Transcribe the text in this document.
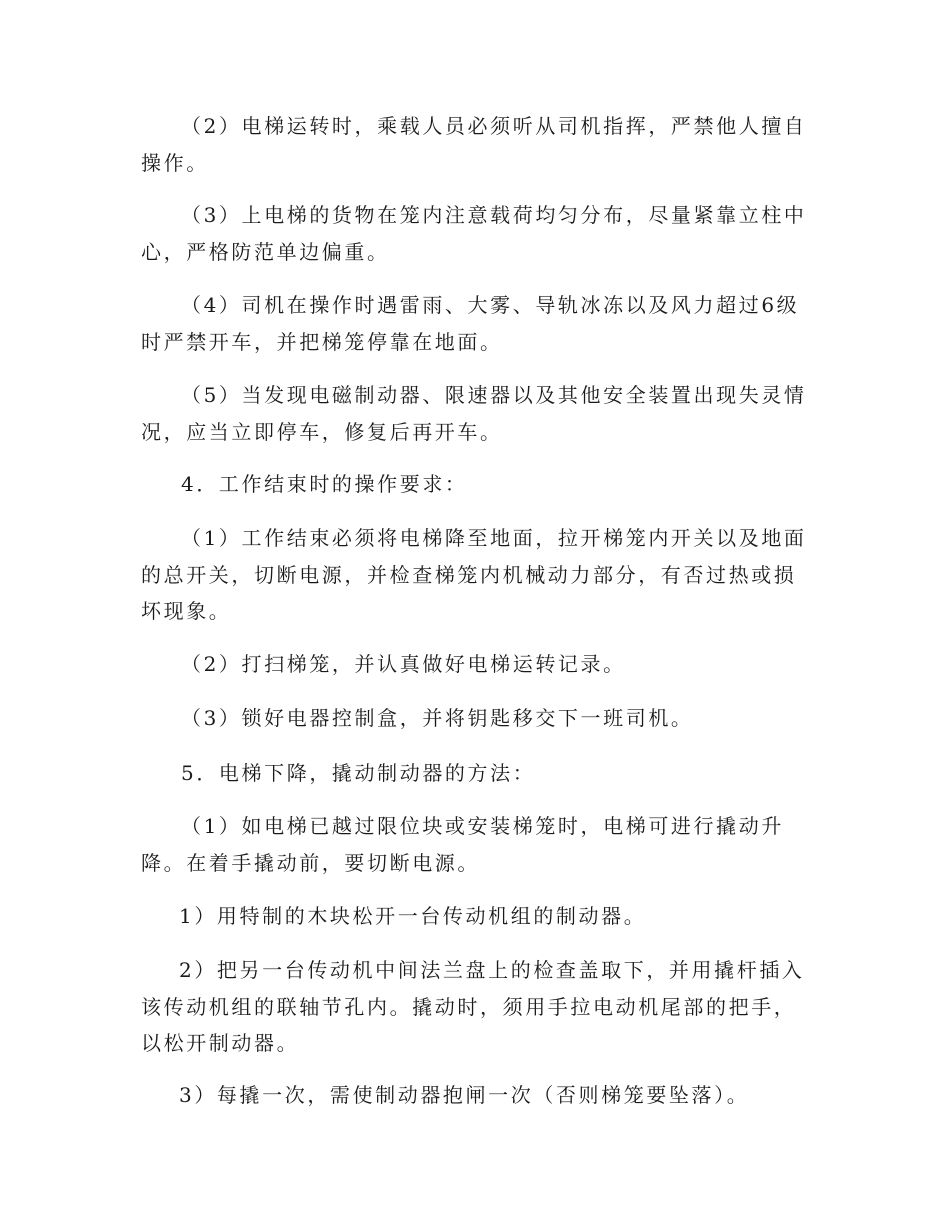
（2）电梯运转时，乘载人员必须听从司机指挥，严禁他人擅自操作。

（3）上电梯的货物在笼内注意载荷均匀分布，尽量紧靠立柱中心，严格防范单边偏重。

（4）司机在操作时遇雷雨、大雾、导轨冰冻以及风力超过6级时严禁开车，并把梯笼停靠在地面。

（5）当发现电磁制动器、限速器以及其他安全装置出现失灵情况，应当立即停车，修复后再开车。

4．工作结束时的操作要求：

（1）工作结束必须将电梯降至地面，拉开梯笼内开关以及地面的总开关，切断电源，并检查梯笼内机械动力部分，有否过热或损坏现象。

（2）打扫梯笼，并认真做好电梯运转记录。

（3）锁好电器控制盒，并将钥匙移交下一班司机。

5．电梯下降，撬动制动器的方法：

（1）如电梯已越过限位块或安装梯笼时，电梯可进行撬动升降。在着手撬动前，要切断电源。

1）用特制的木块松开一台传动机组的制动器。

2）把另一台传动机中间法兰盘上的检查盖取下，并用撬杆插入该传动机组的联轴节孔内。撬动时，须用手拉电动机尾部的把手，以松开制动器。

3）每撬一次，需使制动器抱闸一次（否则梯笼要坠落）。
